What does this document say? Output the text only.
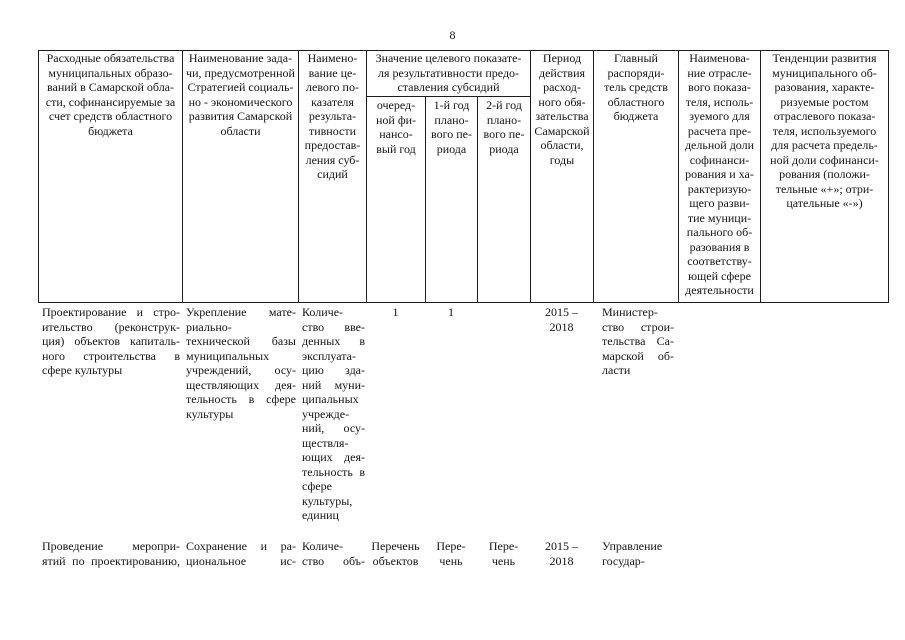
8
Расходные обязательства
муниципальных образо-
ваний в Самарской обла-
сти, софинансируемые за
счет средств областного
бюджета
Наименование зада-
чи, предусмотренной
Стратегией социаль-
но - экономического
развития Самарской
области
Наимено-
вание це-
левого по-
казателя
результа-
тивности
предостав-
ления суб-
сидий
Значение целевого показате-
ля результативности предо-
ставления субсидий
очеред-
ной фи-
нансо-
вый год
1-й год
плано-
вого пе-
риода
2-й год
плано-
вого пе-
риода
Период
действия
расход-
ного обя-
зательства
Самарской
области,
годы
Главный
распоряди-
тель средств
областного
бюджета
Наименова-
ние отрасле-
вого показа-
теля, исполь-
зуемого для
расчета пре-
дельной доли
софинанси-
рования и ха-
рактеризую-
щего разви-
тие муници-
пального об-
разования в
соответству-
ющей сфере
деятельности
Тенденции развития
муниципального об-
разования, характе-
ризуемые ростом
отраслевого показа-
теля, используемого
для расчета предель-
ной доли софинанси-
рования (положи-
тельные «+»; отри-
цательные «-»)
Проектирование и стро-
ительство (реконструк-
ция) объектов капиталь-
ного строительства в
сфере культуры
Укрепление мате-
риально-
технической базы
муниципальных
учреждений, осу-
ществляющих дея-
тельность в сфере
культуры
Количе-
ство вве-
денных в
эксплуата-
цию зда-
ний муни-
ципальных
учрежде-
ний, осу-
ществля-
ющих дея-
тельность в
сфере
культуры,
единиц
1	1	2015 –
2018
Министер-
ство строи-
тельства Са-
марской об-
ласти
Проведение меропри-
ятий по проектированию,
Сохранение и ра-
циональное ис-
Количе-
ство объ-
Перечень
объектов
Пере-
чень
Пере-
чень
2015 –
2018
Управление
государ-
